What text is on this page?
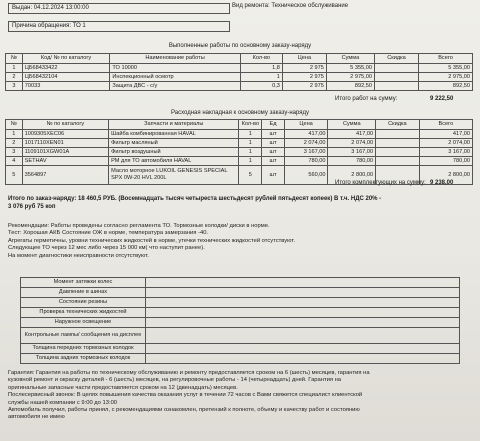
Выдан: 04.12.2024 13:00:00	Вид ремонта: Техническое обслуживание
Причина обращения: ТО 1
Выполненные работы по основному заказу-наряду
№	Код/ № по каталогу	Наименование работы	Кол-во	Цена	Сумма	Скидка	Всего
1	ЦБ68433422	ТО 10000	1,8	2 975	5 355,00		5 355,00
2	ЦБ68432104	Инспекционный осмотр	1	2 975	2 975,00		2 975,00
3	70033	Защита ДВС - с/у	0,3	2 975	892,50		892,50
Итого работ на сумму:	9 222,50
Расходная накладная к основному заказу-наряду
№	№ по каталогу	Запчасти и материалы	Кол-во	Ед	Цена	Сумма	Скидка	Всего
1	1009305XEC06	Шайба комбинированная HAVAL	1	шт	417,00	417,00		417,00
2	1017110XEN01	Фильтр масляный	1	шт	2 074,00	2 074,00		2 074,00
3	1109101XGW01A	Фильтр воздушный	1	шт	3 167,00	3 167,00		3 167,00
4	SETHAV	РМ для ТО автомобиля HAVAL	1	шт	780,00	780,00		780,00
5	3564897	Масло моторное LUKOIL GENESIS SPECIAL SPX 0W-20 HVL 200L	5	шт	560,00	2 800,00		2 800,00
Итого комплектующих на сумму: 9 238,00
Итого по заказ-наряду: 18 460,5 РУБ. (Восемнадцать тысяч четыреста шестьдесят рублей пятьдесят копеек) В т.ч. НДС 20% -
3 076 руб 75 коп
Рекомендации: Работы проведены согласно регламента ТО. Тормозные колодки/ диски в норме.
Тест: Хорошая АКБ Состояние ОЖ в норме, температура замерзания -40.
Агрегаты герметичны, уровни технических жидкостей в норме, утечки технических жидкостей отсутствуют.
Следующее ТО через 12 мес либо через 15 000 км( что наступит ранее).
На момент диагностики неисправности отсутствуют.
Момент затяжки колес	
Давление в шинах	
Состояние резины	
Проверка технических жидкостей	
Наружное освещение	
Контрольные лампы/ сообщения на дисплее	
Толщина передних тормозных колодок	
Толщина задних тормозных колодок	
Гарантия: Гарантия на работы по техническому обслуживанию и ремонту предоставляется сроком на 6 (шесть) месяцев, гарантия на
кузовной ремонт и окраску деталей - 6 (шесть) месяцев, на регулировочные работы - 14 (четырнадцать) дней. Гарантия на
оригинальные запасные части предоставляется сроком на 12 (двенадцать) месяцев.
Послесервисный звонок: В целях повышения качества оказания услуг в течении 72 часов с Вами свяжется специалист клиентской
службы нашей компании с 9:00 до 13:00
Автомобиль получил, работы принял, с рекомендациями ознакомлен, претензий к полноте, объему и качеству работ и состоянию
автомобиля не имею
